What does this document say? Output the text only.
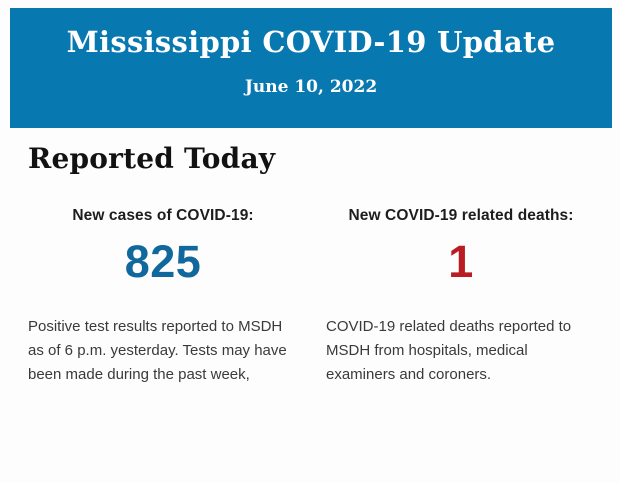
Mississippi COVID-19 Update
June 10, 2022
Reported Today
New cases of COVID-19:
825

Positive test results reported to MSDH as of 6 p.m. yesterday. Tests may have been made during the past week,

New COVID-19 related deaths:
1

COVID-19 related deaths reported to MSDH from hospitals, medical examiners and coroners.
